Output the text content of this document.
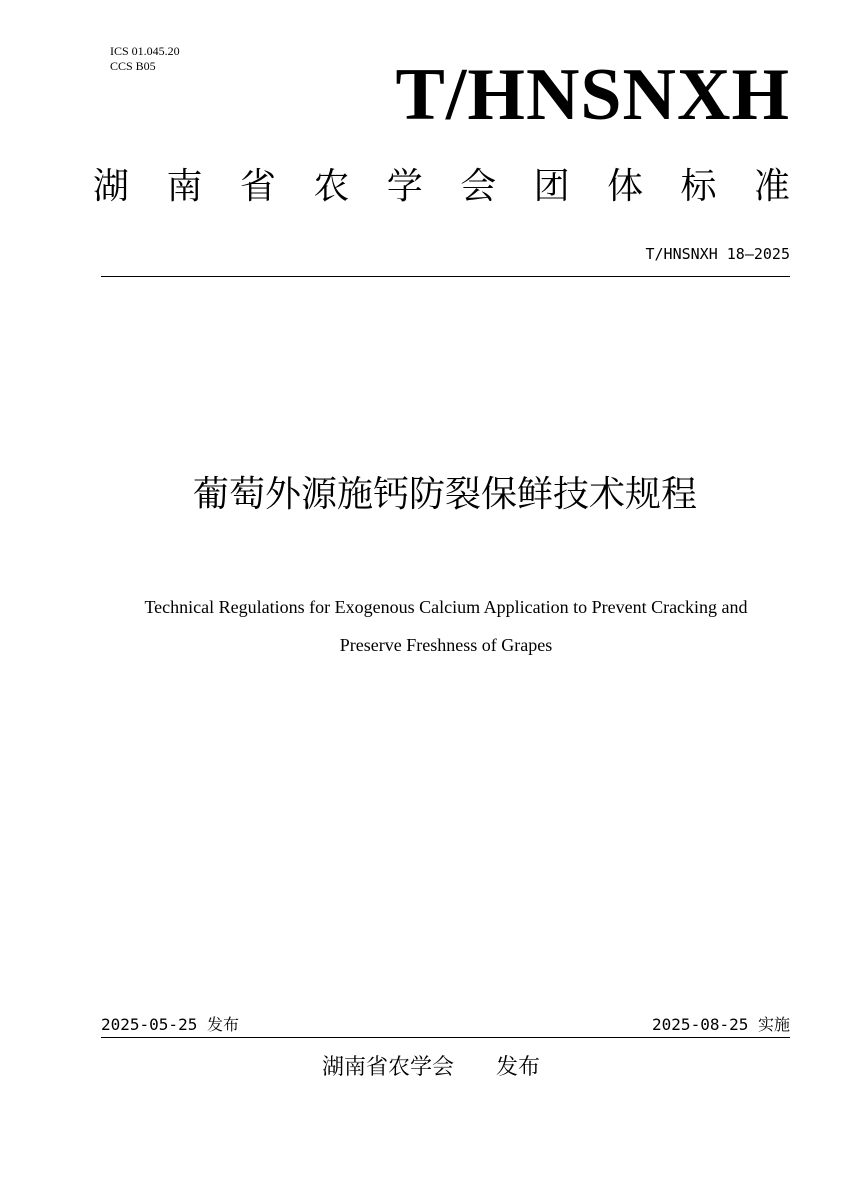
ICS 01.045.20
CCS B05	T/HNSNXH
湖 南 省 农 学 会 团 体 标 准
T/HNSNXH 18—2025
葡萄外源施钙防裂保鲜技术规程
Technical Regulations for Exogenous Calcium Application to Prevent Cracking and
Preserve Freshness of Grapes
2025-05-25 发布	2025-08-25 实施
湖南省农学会 发布
